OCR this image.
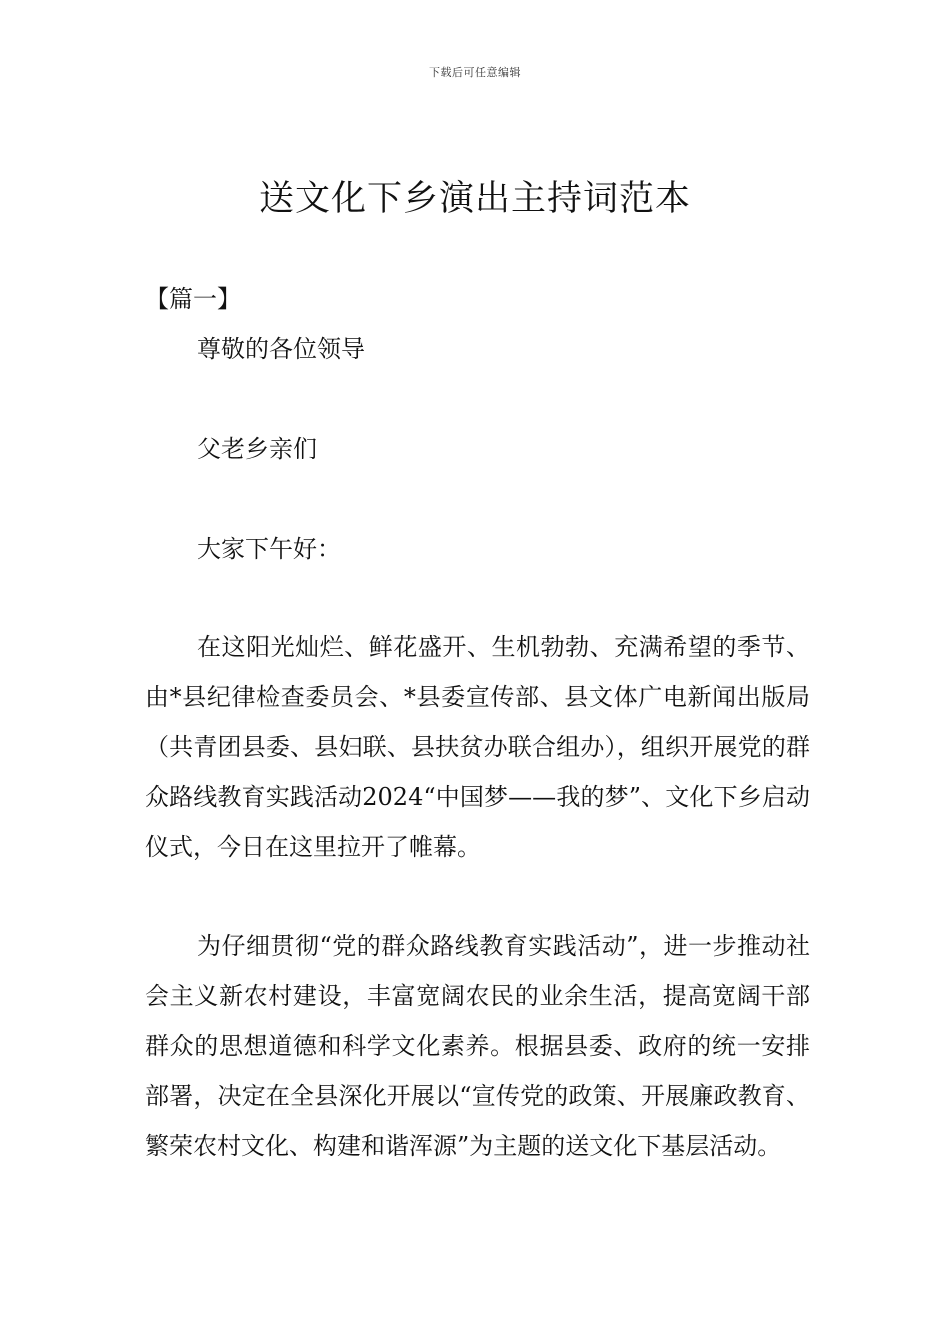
下载后可任意编辑
送文化下乡演出主持词范本
【篇一】
尊敬的各位领导
父老乡亲们
大家下午好：

在这阳光灿烂、鲜花盛开、生机勃勃、充满希望的季节、由*县纪律检查委员会、*县委宣传部、县文体广电新闻出版局（共青团县委、县妇联、县扶贫办联合组办），组织开展党的群众路线教育实践活动2024“中国梦——我的梦”、文化下乡启动仪式，今日在这里拉开了帷幕。

为仔细贯彻“党的群众路线教育实践活动”，进一步推动社会主义新农村建设，丰富宽阔农民的业余生活，提高宽阔干部群众的思想道德和科学文化素养。根据县委、政府的统一安排部署，决定在全县深化开展以“宣传党的政策、开展廉政教育、繁荣农村文化、构建和谐浑源”为主题的送文化下基层活动。
